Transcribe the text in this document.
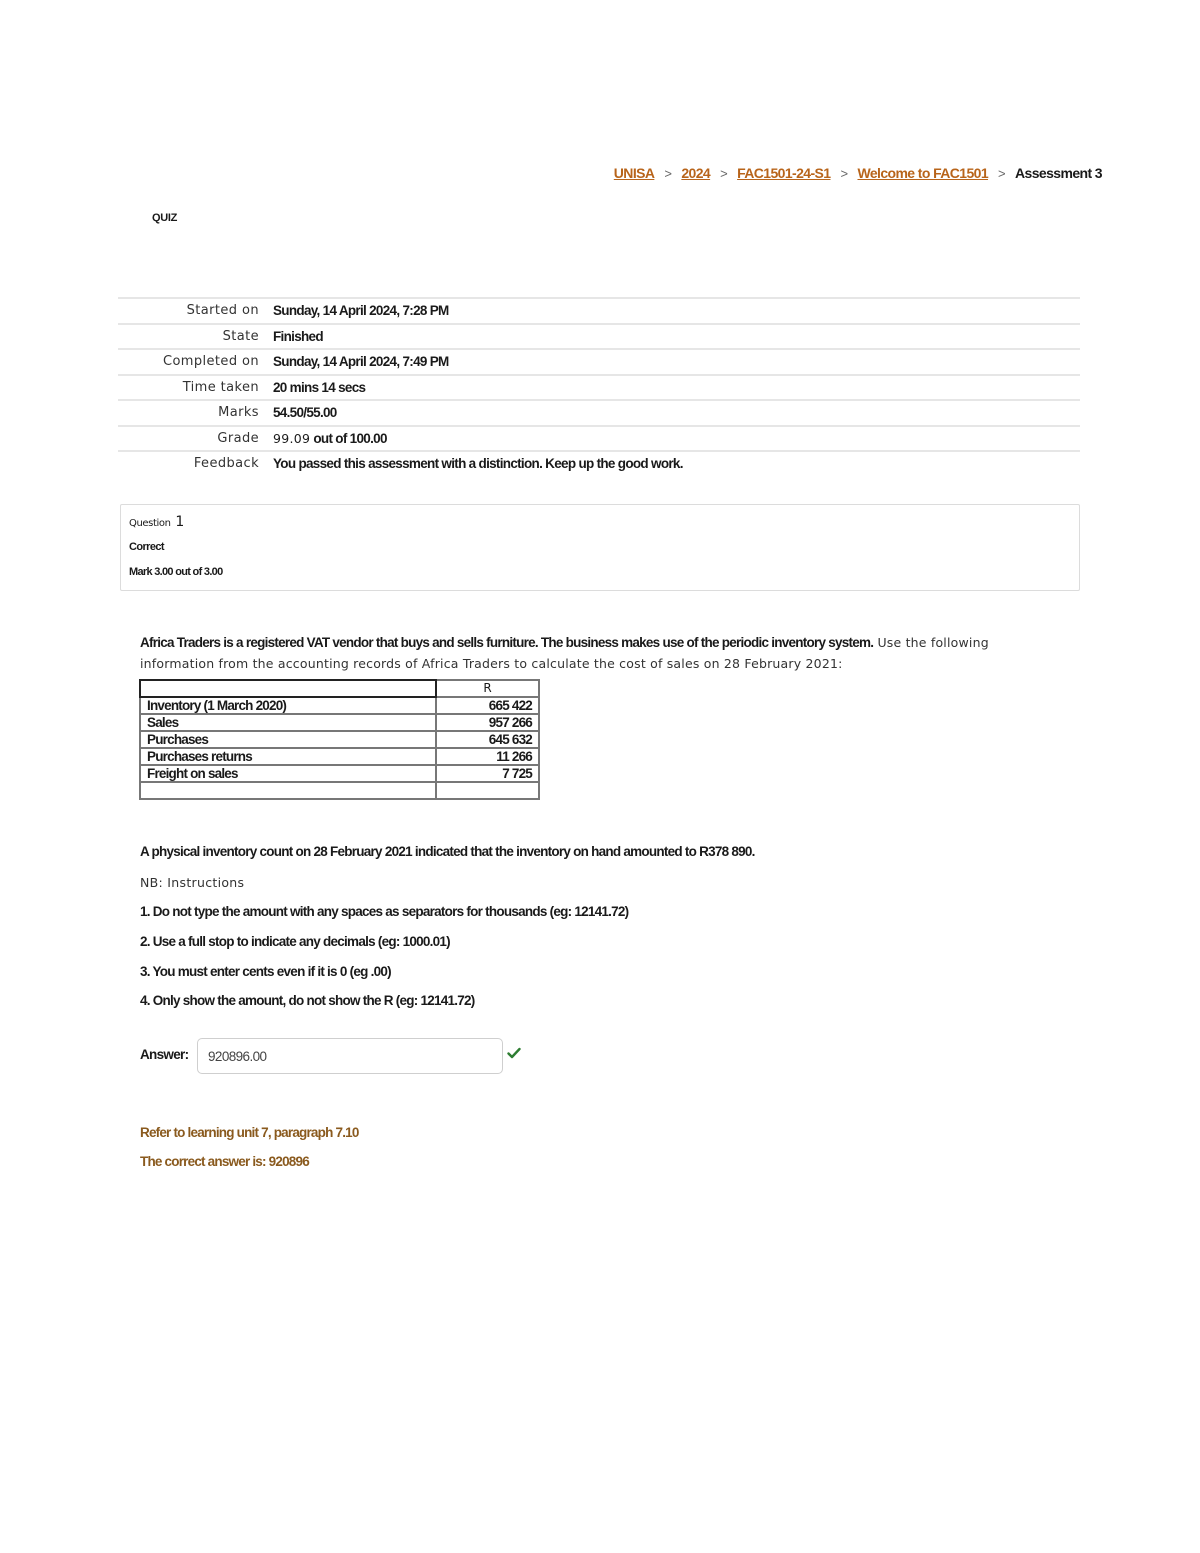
UNISA > 2024 > FAC1501-24-S1 > Welcome to FAC1501 > Assessment 3
QUIZ
Started on	Sunday, 14 April 2024, 7:28 PM
State	Finished
Completed on	Sunday, 14 April 2024, 7:49 PM
Time taken	20 mins 14 secs
Marks	54.50/55.00
Grade	99.09 out of 100.00
Feedback	You passed this assessment with a distinction. Keep up the good work.
Question 1
Correct
Mark 3.00 out of 3.00
Africa Traders is a registered VAT vendor that buys and sells furniture. The business makes use of the periodic inventory system. Use the following information from the accounting records of Africa Traders to calculate the cost of sales on 28 February 2021:
	R
Inventory (1 March 2020)	665 422
Sales	957 266
Purchases	645 632
Purchases returns	11 266
Freight on sales	7 725

A physical inventory count on 28 February 2021 indicated that the inventory on hand amounted to R378 890.
NB: Instructions
1. Do not type the amount with any spaces as separators for thousands (eg: 12141.72)
2. Use a full stop to indicate any decimals (eg: 1000.01)
3. You must enter cents even if it is 0 (eg .00)
4. Only show the amount, do not show the R (eg: 12141.72)
Answer:
920896.00
Refer to learning unit 7, paragraph 7.10
The correct answer is: 920896
